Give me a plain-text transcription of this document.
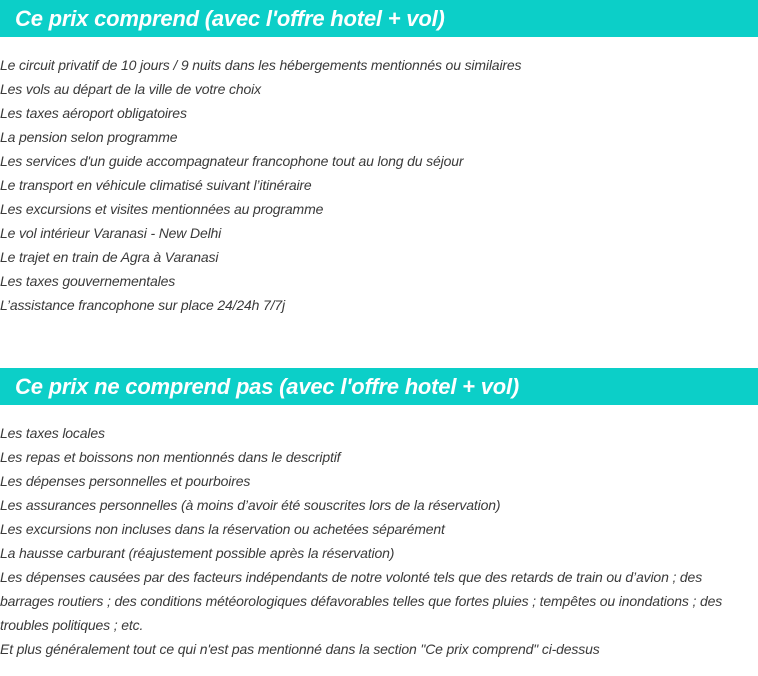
Ce prix comprend (avec l'offre hotel + vol)
Le circuit privatif de 10 jours / 9 nuits dans les hébergements mentionnés ou similaires
Les vols au départ de la ville de votre choix
Les taxes aéroport obligatoires
La pension selon programme
Les services d'un guide accompagnateur francophone tout au long du séjour
Le transport en véhicule climatisé suivant l’itinéraire
Les excursions et visites mentionnées au programme
Le vol intérieur Varanasi - New Delhi
Le trajet en train de Agra à Varanasi
Les taxes gouvernementales
L’assistance francophone sur place 24/24h 7/7j
Ce prix ne comprend pas (avec l'offre hotel + vol)
Les taxes locales
Les repas et boissons non mentionnés dans le descriptif
Les dépenses personnelles et pourboires
Les assurances personnelles (à moins d’avoir été souscrites lors de la réservation)
Les excursions non incluses dans la réservation ou achetées séparément
La hausse carburant (réajustement possible après la réservation)
Les dépenses causées par des facteurs indépendants de notre volonté tels que des retards de train ou d’avion ; des barrages routiers ; des conditions météorologiques défavorables telles que fortes pluies ; tempêtes ou inondations ; des troubles politiques ; etc.
Et plus généralement tout ce qui n'est pas mentionné dans la section "Ce prix comprend" ci-dessus
